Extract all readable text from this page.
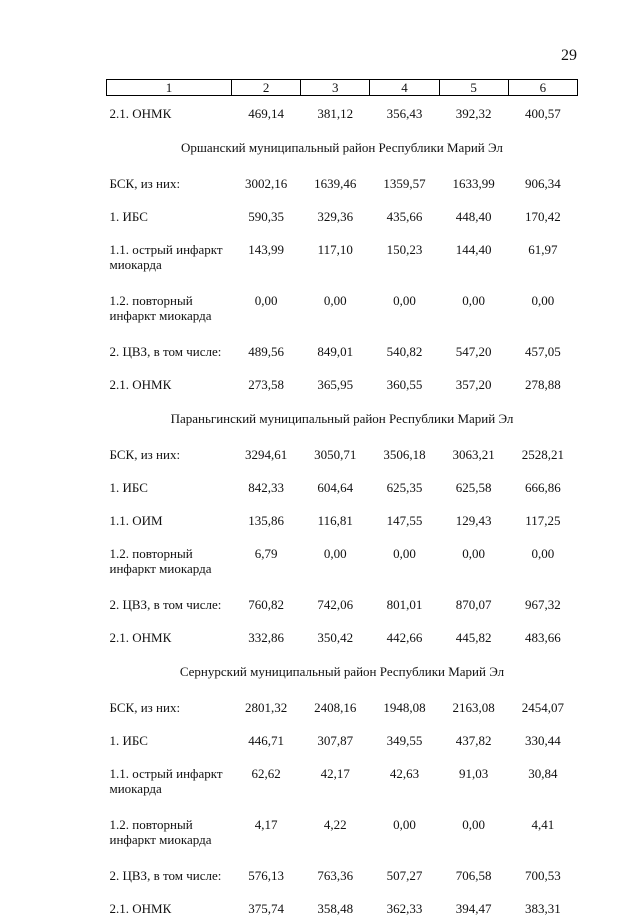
29
1	2	3	4	5	6
2.1. ОНМК	469,14	381,12	356,43	392,32	400,57
Оршанский муниципальный район Республики Марий Эл					
БСК, из них:	3002,16	1639,46	1359,57	1633,99	906,34
1. ИБС	590,35	329,36	435,66	448,40	170,42
1.1. острый инфаркт миокарда	143,99	117,10	150,23	144,40	61,97
1.2. повторный инфаркт миокарда	0,00	0,00	0,00	0,00	0,00
2. ЦВЗ, в том числе:	489,56	849,01	540,82	547,20	457,05
2.1. ОНМК	273,58	365,95	360,55	357,20	278,88
Параньгинский муниципальный район Республики Марий Эл					
БСК, из них:	3294,61	3050,71	3506,18	3063,21	2528,21
1. ИБС	842,33	604,64	625,35	625,58	666,86
1.1. ОИМ	135,86	116,81	147,55	129,43	117,25
1.2. повторный инфаркт миокарда	6,79	0,00	0,00	0,00	0,00
2. ЦВЗ, в том числе:	760,82	742,06	801,01	870,07	967,32
2.1. ОНМК	332,86	350,42	442,66	445,82	483,66
Сернурский муниципальный район Республики Марий Эл					
БСК, из них:	2801,32	2408,16	1948,08	2163,08	2454,07
1. ИБС	446,71	307,87	349,55	437,82	330,44
1.1. острый инфаркт миокарда	62,62	42,17	42,63	91,03	30,84
1.2. повторный инфаркт миокарда	4,17	4,22	0,00	0,00	4,41
2. ЦВЗ, в том числе:	576,13	763,36	507,27	706,58	700,53
2.1. ОНМК	375,74	358,48	362,33	394,47	383,31
